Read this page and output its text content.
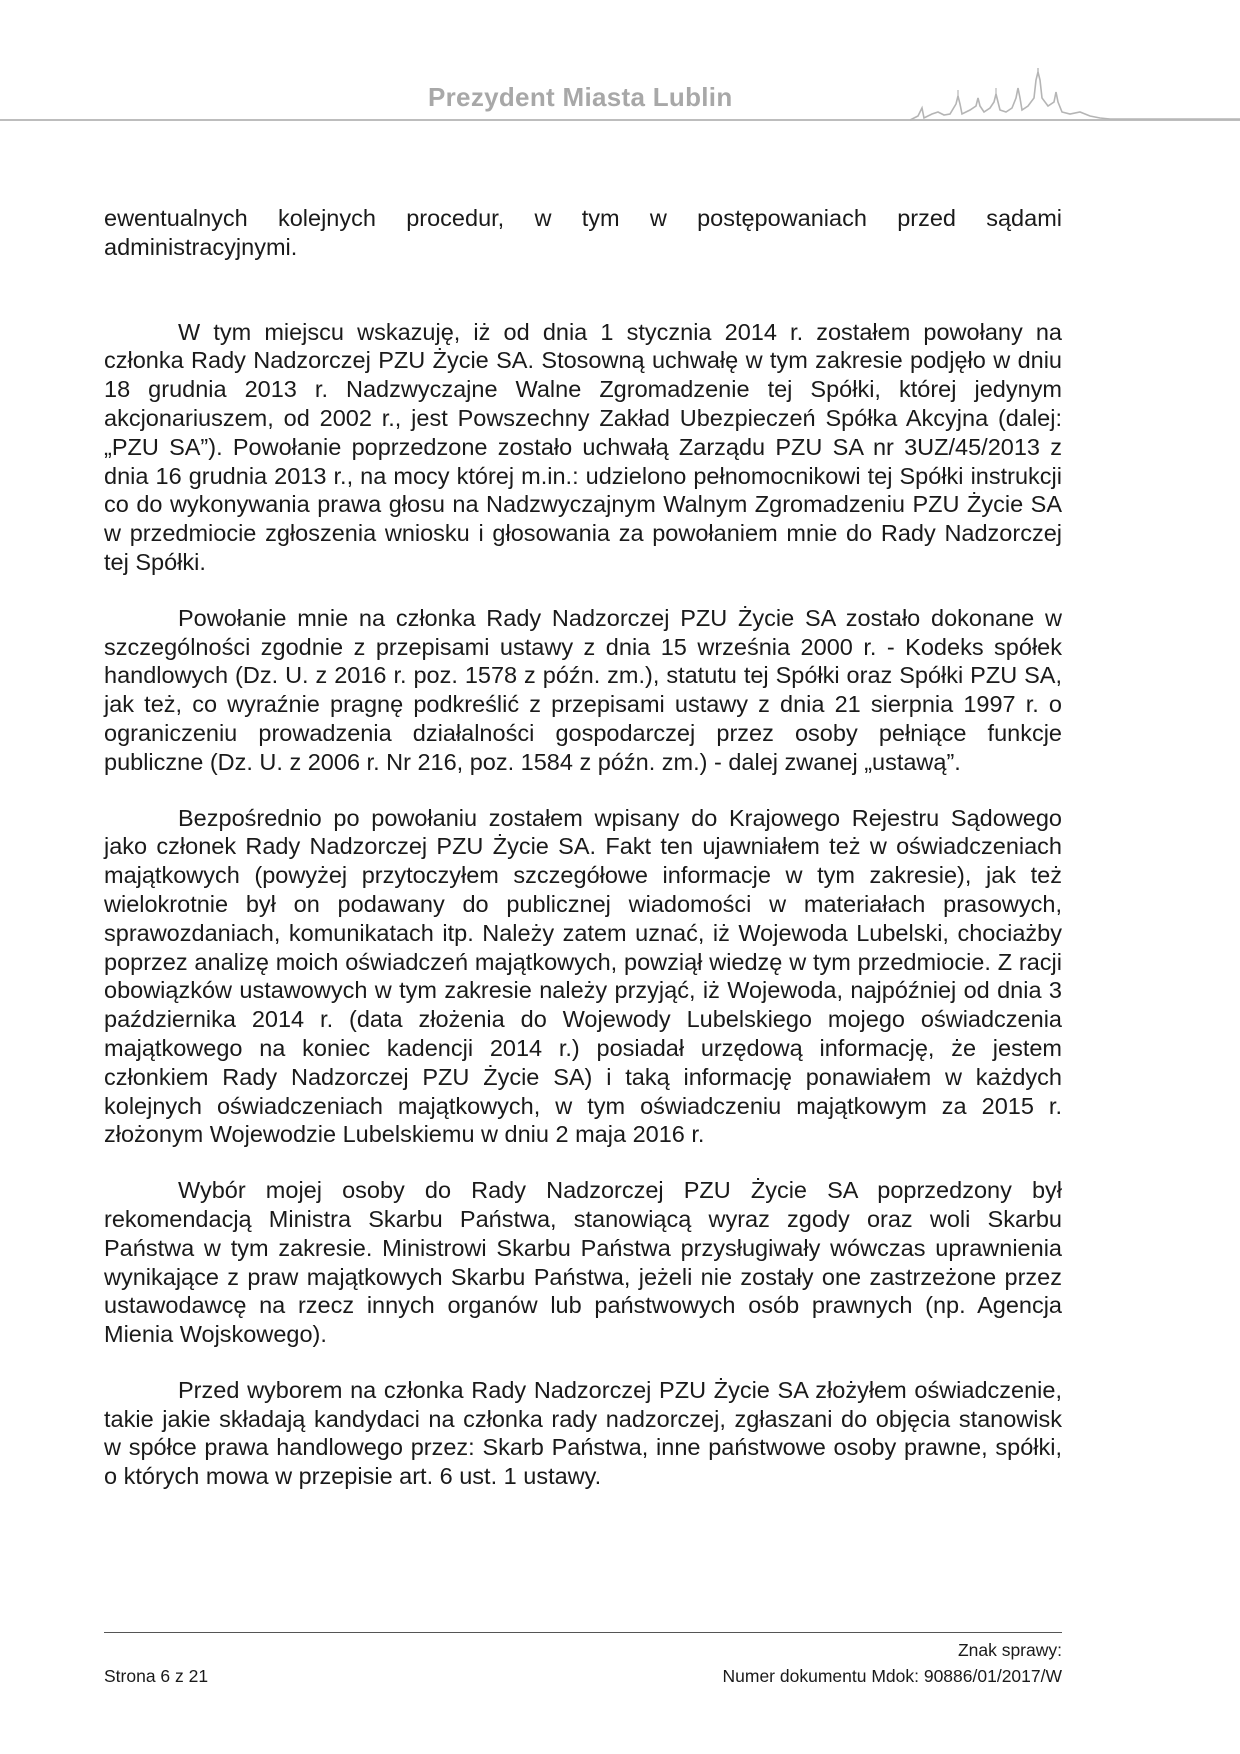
Prezydent Miasta Lublin

ewentualnych kolejnych procedur, w tym w postępowaniach przed sądami administracyjnymi.

W tym miejscu wskazuję, iż od dnia 1 stycznia 2014 r. zostałem powołany na członka Rady Nadzorczej PZU Życie SA. Stosowną uchwałę w tym zakresie podjęło w dniu 18 grudnia 2013 r. Nadzwyczajne Walne Zgromadzenie tej Spółki, której jedynym akcjonariuszem, od 2002 r., jest Powszechny Zakład Ubezpieczeń Spółka Akcyjna (dalej: „PZU SA”). Powołanie poprzedzone zostało uchwałą Zarządu PZU SA nr 3UZ/45/2013 z dnia 16 grudnia 2013 r., na mocy której m.in.: udzielono pełnomocnikowi tej Spółki instrukcji co do wykonywania prawa głosu na Nadzwyczajnym Walnym Zgromadzeniu PZU Życie SA w przedmiocie zgłoszenia wniosku i głosowania za powołaniem mnie do Rady Nadzorczej tej Spółki.

Powołanie mnie na członka Rady Nadzorczej PZU Życie SA zostało dokonane w szczególności zgodnie z przepisami ustawy z dnia 15 września 2000 r. - Kodeks spółek handlowych (Dz. U. z 2016 r. poz. 1578 z późn. zm.), statutu tej Spółki oraz Spółki PZU SA, jak też, co wyraźnie pragnę podkreślić z przepisami ustawy z dnia 21 sierpnia 1997 r. o ograniczeniu prowadzenia działalności gospodarczej przez osoby pełniące funkcje publiczne (Dz. U. z 2006 r. Nr 216, poz. 1584 z późn. zm.) - dalej zwanej „ustawą”.

Bezpośrednio po powołaniu zostałem wpisany do Krajowego Rejestru Sądowego jako członek Rady Nadzorczej PZU Życie SA. Fakt ten ujawniałem też w oświadczeniach majątkowych (powyżej przytoczyłem szczegółowe informacje w tym zakresie), jak też wielokrotnie był on podawany do publicznej wiadomości w materiałach prasowych, sprawozdaniach, komunikatach itp. Należy zatem uznać, iż Wojewoda Lubelski, chociażby poprzez analizę moich oświadczeń majątkowych, powziął wiedzę w tym przedmiocie. Z racji obowiązków ustawowych w tym zakresie należy przyjąć, iż Wojewoda, najpóźniej od dnia 3 października 2014 r. (data złożenia do Wojewody Lubelskiego mojego oświadczenia majątkowego na koniec kadencji 2014 r.) posiadał urzędową informację, że jestem członkiem Rady Nadzorczej PZU Życie SA) i taką informację ponawiałem w każdych kolejnych oświadczeniach majątkowych, w tym oświadczeniu majątkowym za 2015 r. złożonym Wojewodzie Lubelskiemu w dniu 2 maja 2016 r.

Wybór mojej osoby do Rady Nadzorczej PZU Życie SA poprzedzony był rekomendacją Ministra Skarbu Państwa, stanowiącą wyraz zgody oraz woli Skarbu Państwa w tym zakresie. Ministrowi Skarbu Państwa przysługiwały wówczas uprawnienia wynikające z praw majątkowych Skarbu Państwa, jeżeli nie zostały one zastrzeżone przez ustawodawcę na rzecz innych organów lub państwowych osób prawnych (np. Agencja Mienia Wojskowego).

Przed wyborem na członka Rady Nadzorczej PZU Życie SA złożyłem oświadczenie, takie jakie składają kandydaci na członka rady nadzorczej, zgłaszani do objęcia stanowisk w spółce prawa handlowego przez: Skarb Państwa, inne państwowe osoby prawne, spółki, o których mowa w przepisie art. 6 ust. 1 ustawy.

Znak sprawy:
Strona 6 z 21	Numer dokumentu Mdok: 90886/01/2017/W
